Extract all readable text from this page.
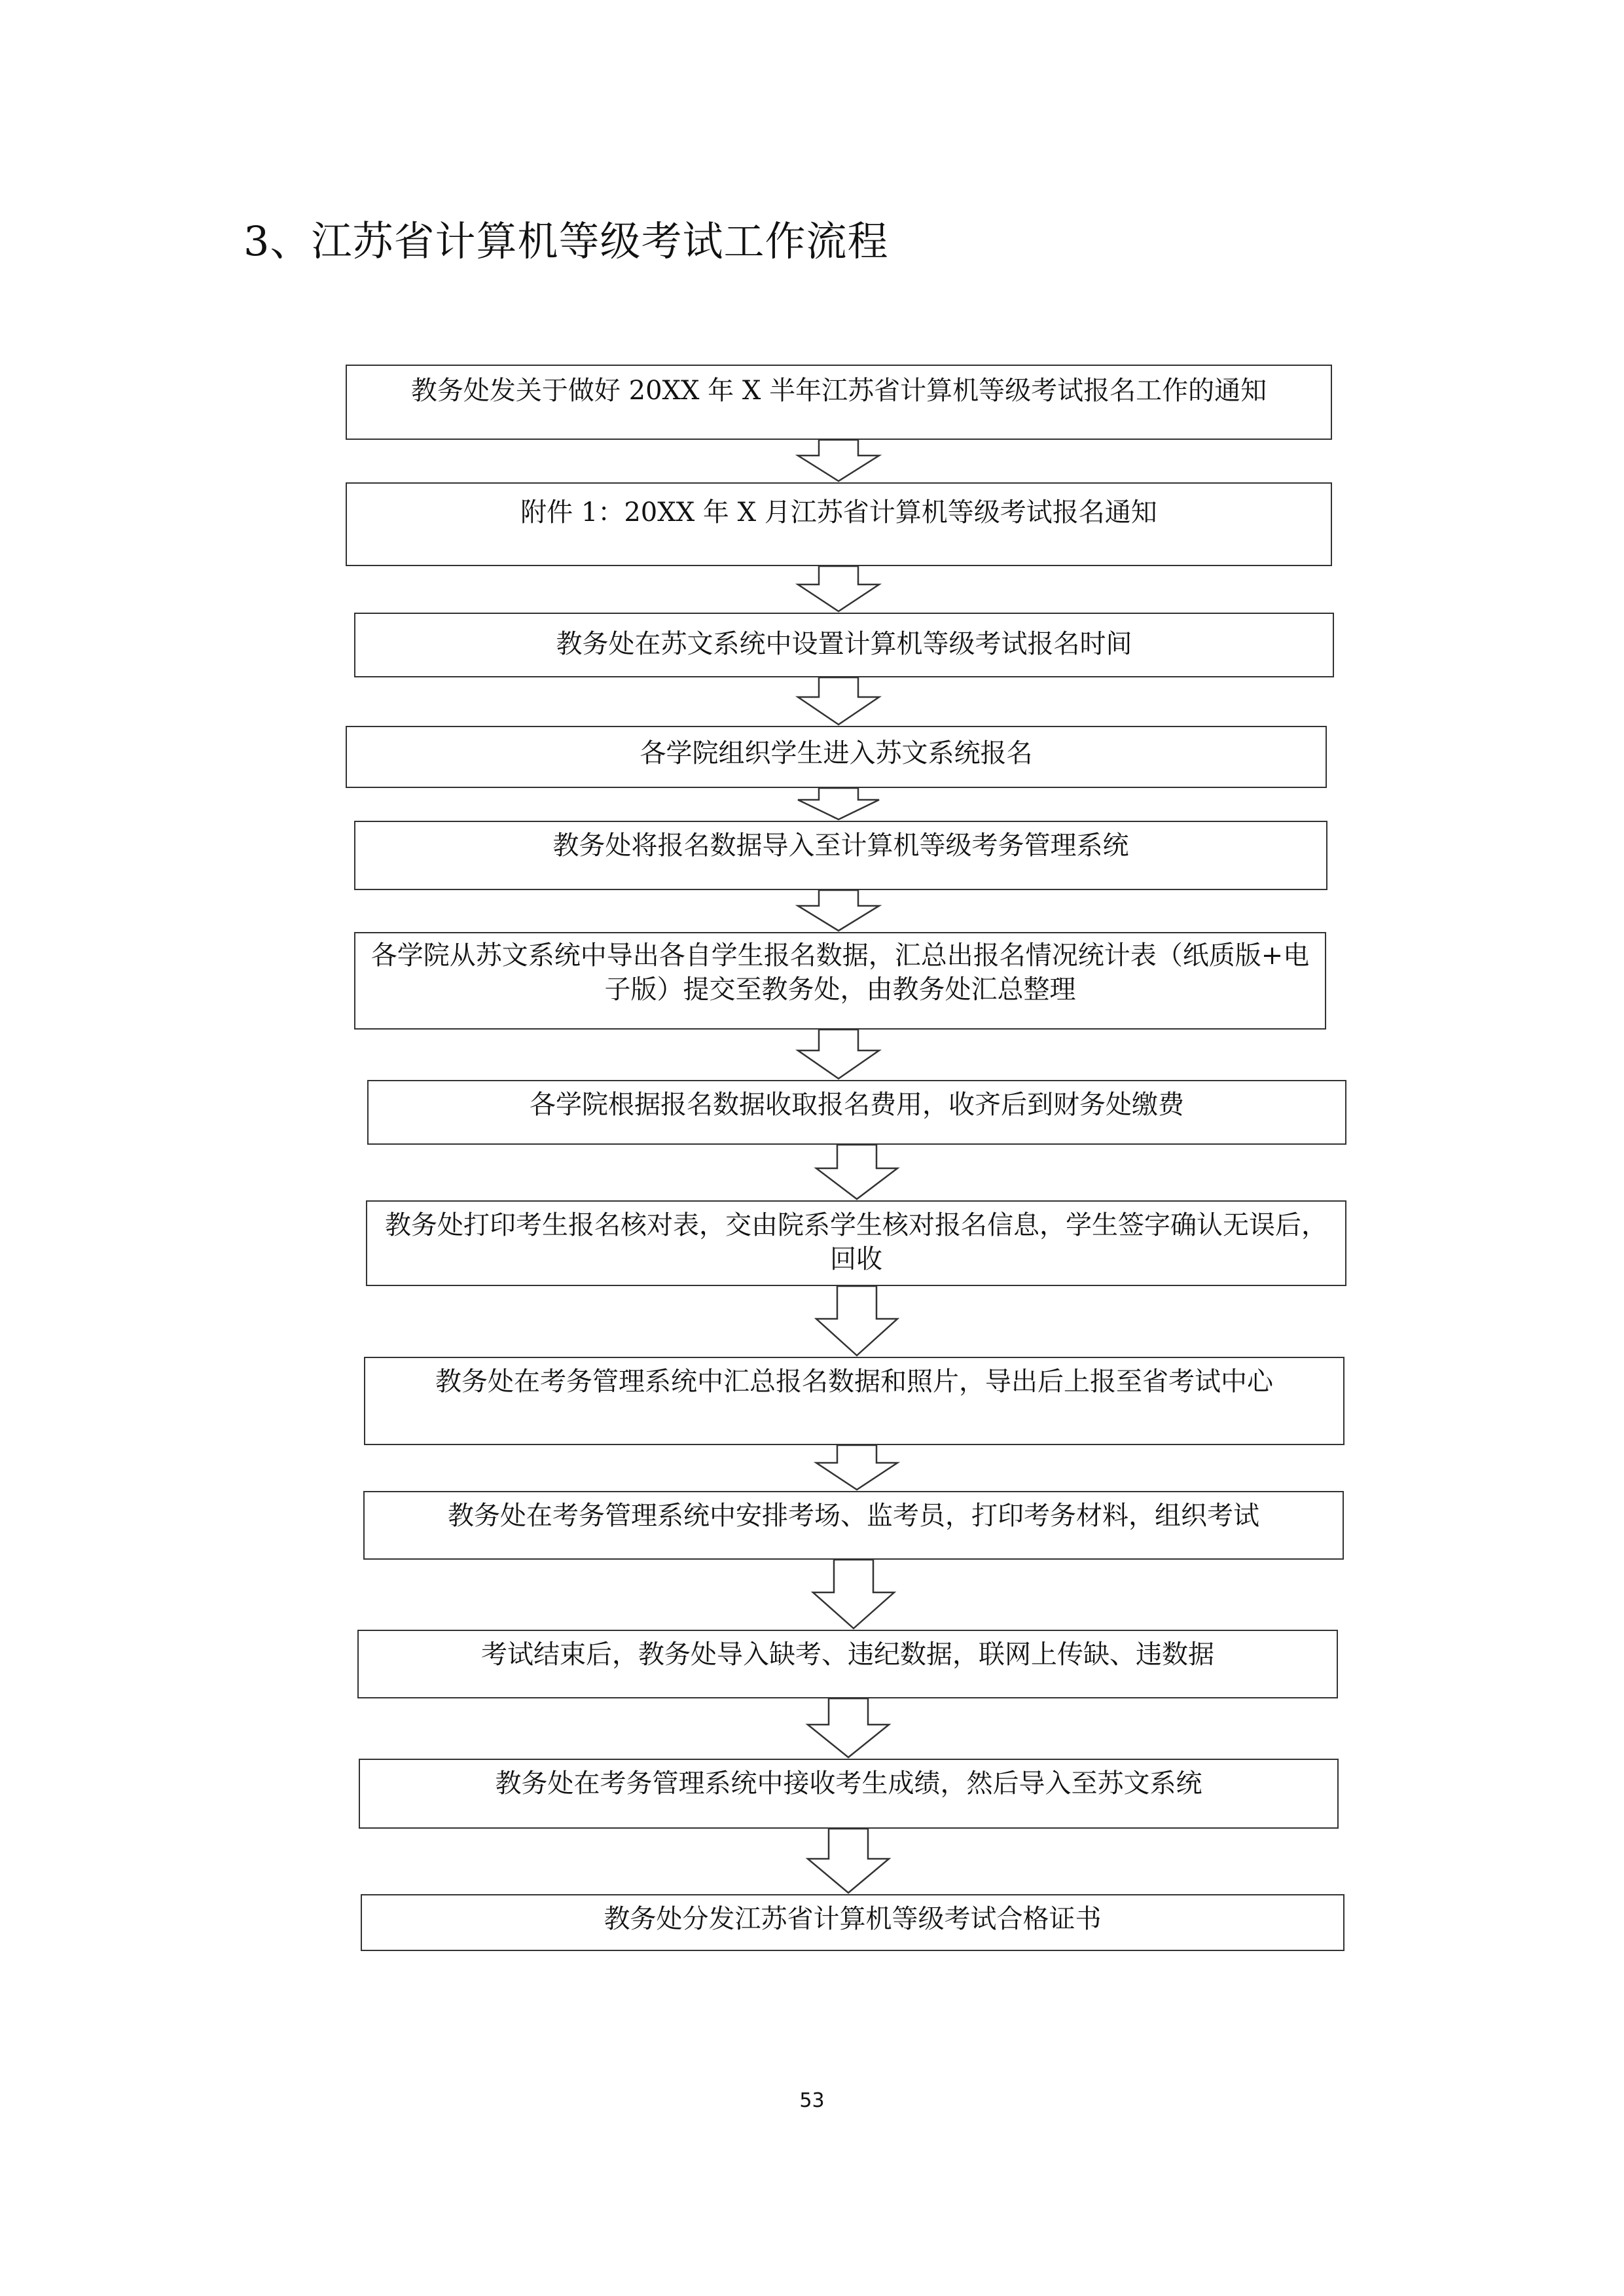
3、江苏省计算机等级考试工作流程
教务处发关于做好 20XX 年 X 半年江苏省计算机等级考试报名工作的通知
附件 1：20XX 年 X 月江苏省计算机等级考试报名通知
教务处在苏文系统中设置计算机等级考试报名时间
各学院组织学生进入苏文系统报名
教务处将报名数据导入至计算机等级考务管理系统
各学院从苏文系统中导出各自学生报名数据，汇总出报名情况统计表（纸质版+电子版）提交至教务处，由教务处汇总整理
各学院根据报名数据收取报名费用，收齐后到财务处缴费
教务处打印考生报名核对表，交由院系学生核对报名信息，学生签字确认无误后，回收
教务处在考务管理系统中汇总报名数据和照片，导出后上报至省考试中心
教务处在考务管理系统中安排考场、监考员，打印考务材料，组织考试
考试结束后，教务处导入缺考、违纪数据，联网上传缺、违数据
教务处在考务管理系统中接收考生成绩，然后导入至苏文系统
教务处分发江苏省计算机等级考试合格证书
53
